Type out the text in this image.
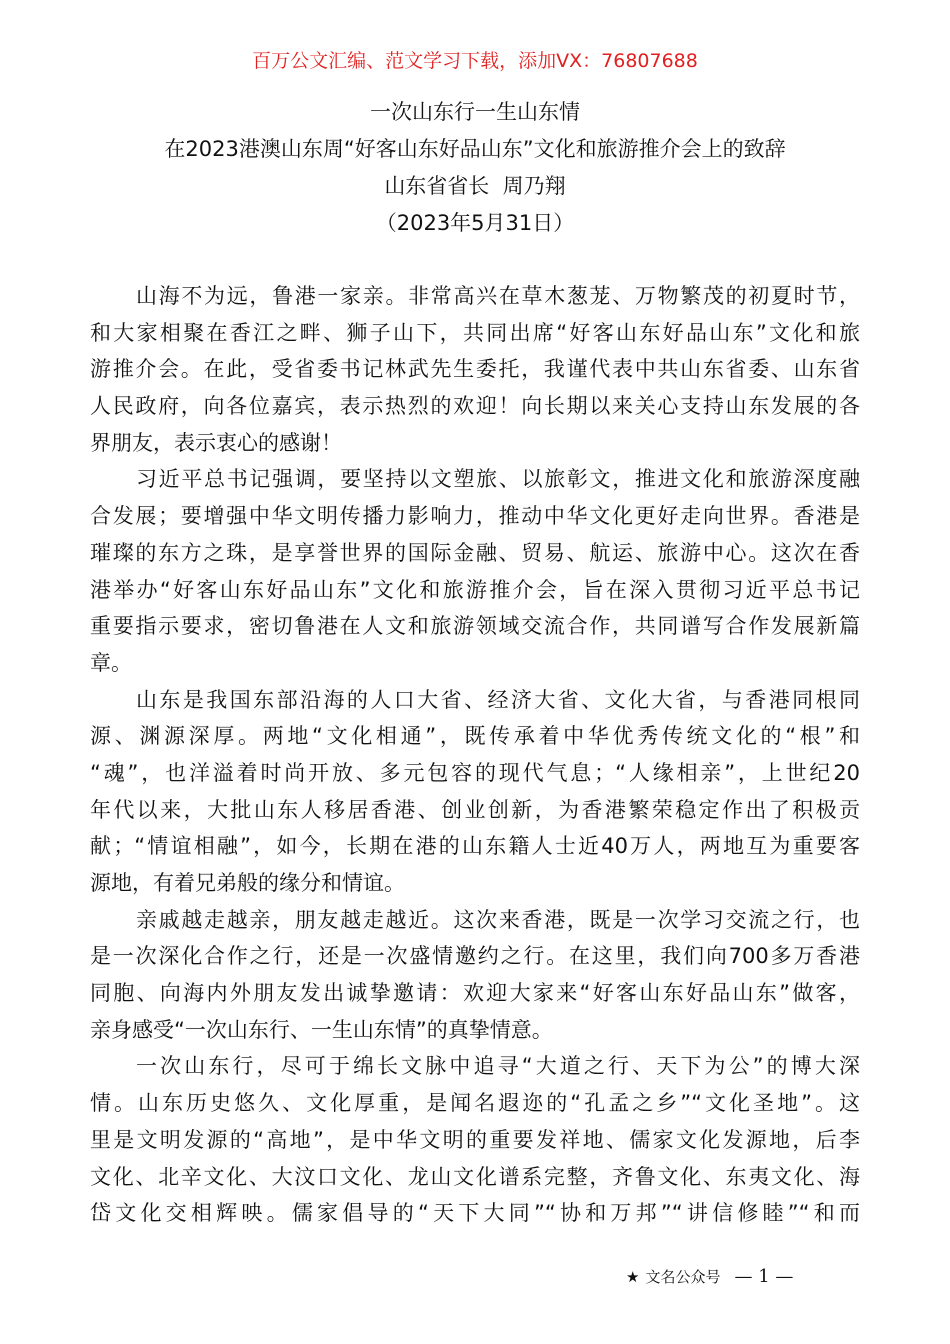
百万公文汇编、范文学习下载，添加VX：76807688
一次山东行一生山东情
在2023港澳山东周“好客山东好品山东”文化和旅游推介会上的致辞
山东省省长  周乃翔
（2023年5月31日）
山海不为远，鲁港一家亲。非常高兴在草木葱茏、万物繁茂的初夏时节，
和大家相聚在香江之畔、狮子山下，共同出席“好客山东好品山东”文化和旅
游推介会。在此，受省委书记林武先生委托，我谨代表中共山东省委、山东省
人民政府，向各位嘉宾，表示热烈的欢迎！向长期以来关心支持山东发展的各
界朋友，表示衷心的感谢！
习近平总书记强调，要坚持以文塑旅、以旅彰文，推进文化和旅游深度融
合发展；要增强中华文明传播力影响力，推动中华文化更好走向世界。香港是
璀璨的东方之珠，是享誉世界的国际金融、贸易、航运、旅游中心。这次在香
港举办“好客山东好品山东”文化和旅游推介会，旨在深入贯彻习近平总书记
重要指示要求，密切鲁港在人文和旅游领域交流合作，共同谱写合作发展新篇
章。
山东是我国东部沿海的人口大省、经济大省、文化大省，与香港同根同
源、渊源深厚。两地“文化相通”，既传承着中华优秀传统文化的“根”和
“魂”，也洋溢着时尚开放、多元包容的现代气息；“人缘相亲”，上世纪20
年代以来，大批山东人移居香港、创业创新，为香港繁荣稳定作出了积极贡
献；“情谊相融”，如今，长期在港的山东籍人士近40万人，两地互为重要客
源地，有着兄弟般的缘分和情谊。
亲戚越走越亲，朋友越走越近。这次来香港，既是一次学习交流之行，也
是一次深化合作之行，还是一次盛情邀约之行。在这里，我们向700多万香港
同胞、向海内外朋友发出诚挚邀请：欢迎大家来“好客山东好品山东”做客，
亲身感受“一次山东行、一生山东情”的真挚情意。
一次山东行，尽可于绵长文脉中追寻“大道之行、天下为公”的博大深
情。山东历史悠久、文化厚重，是闻名遐迩的“孔孟之乡”“文化圣地”。这
里是文明发源的“高地”，是中华文明的重要发祥地、儒家文化发源地，后李
文化、北辛文化、大汶口文化、龙山文化谱系完整，齐鲁文化、东夷文化、海
岱文化交相辉映。儒家倡导的“天下大同”“协和万邦”“讲信修睦”“和而
★ 文名公众号 — 1 —
